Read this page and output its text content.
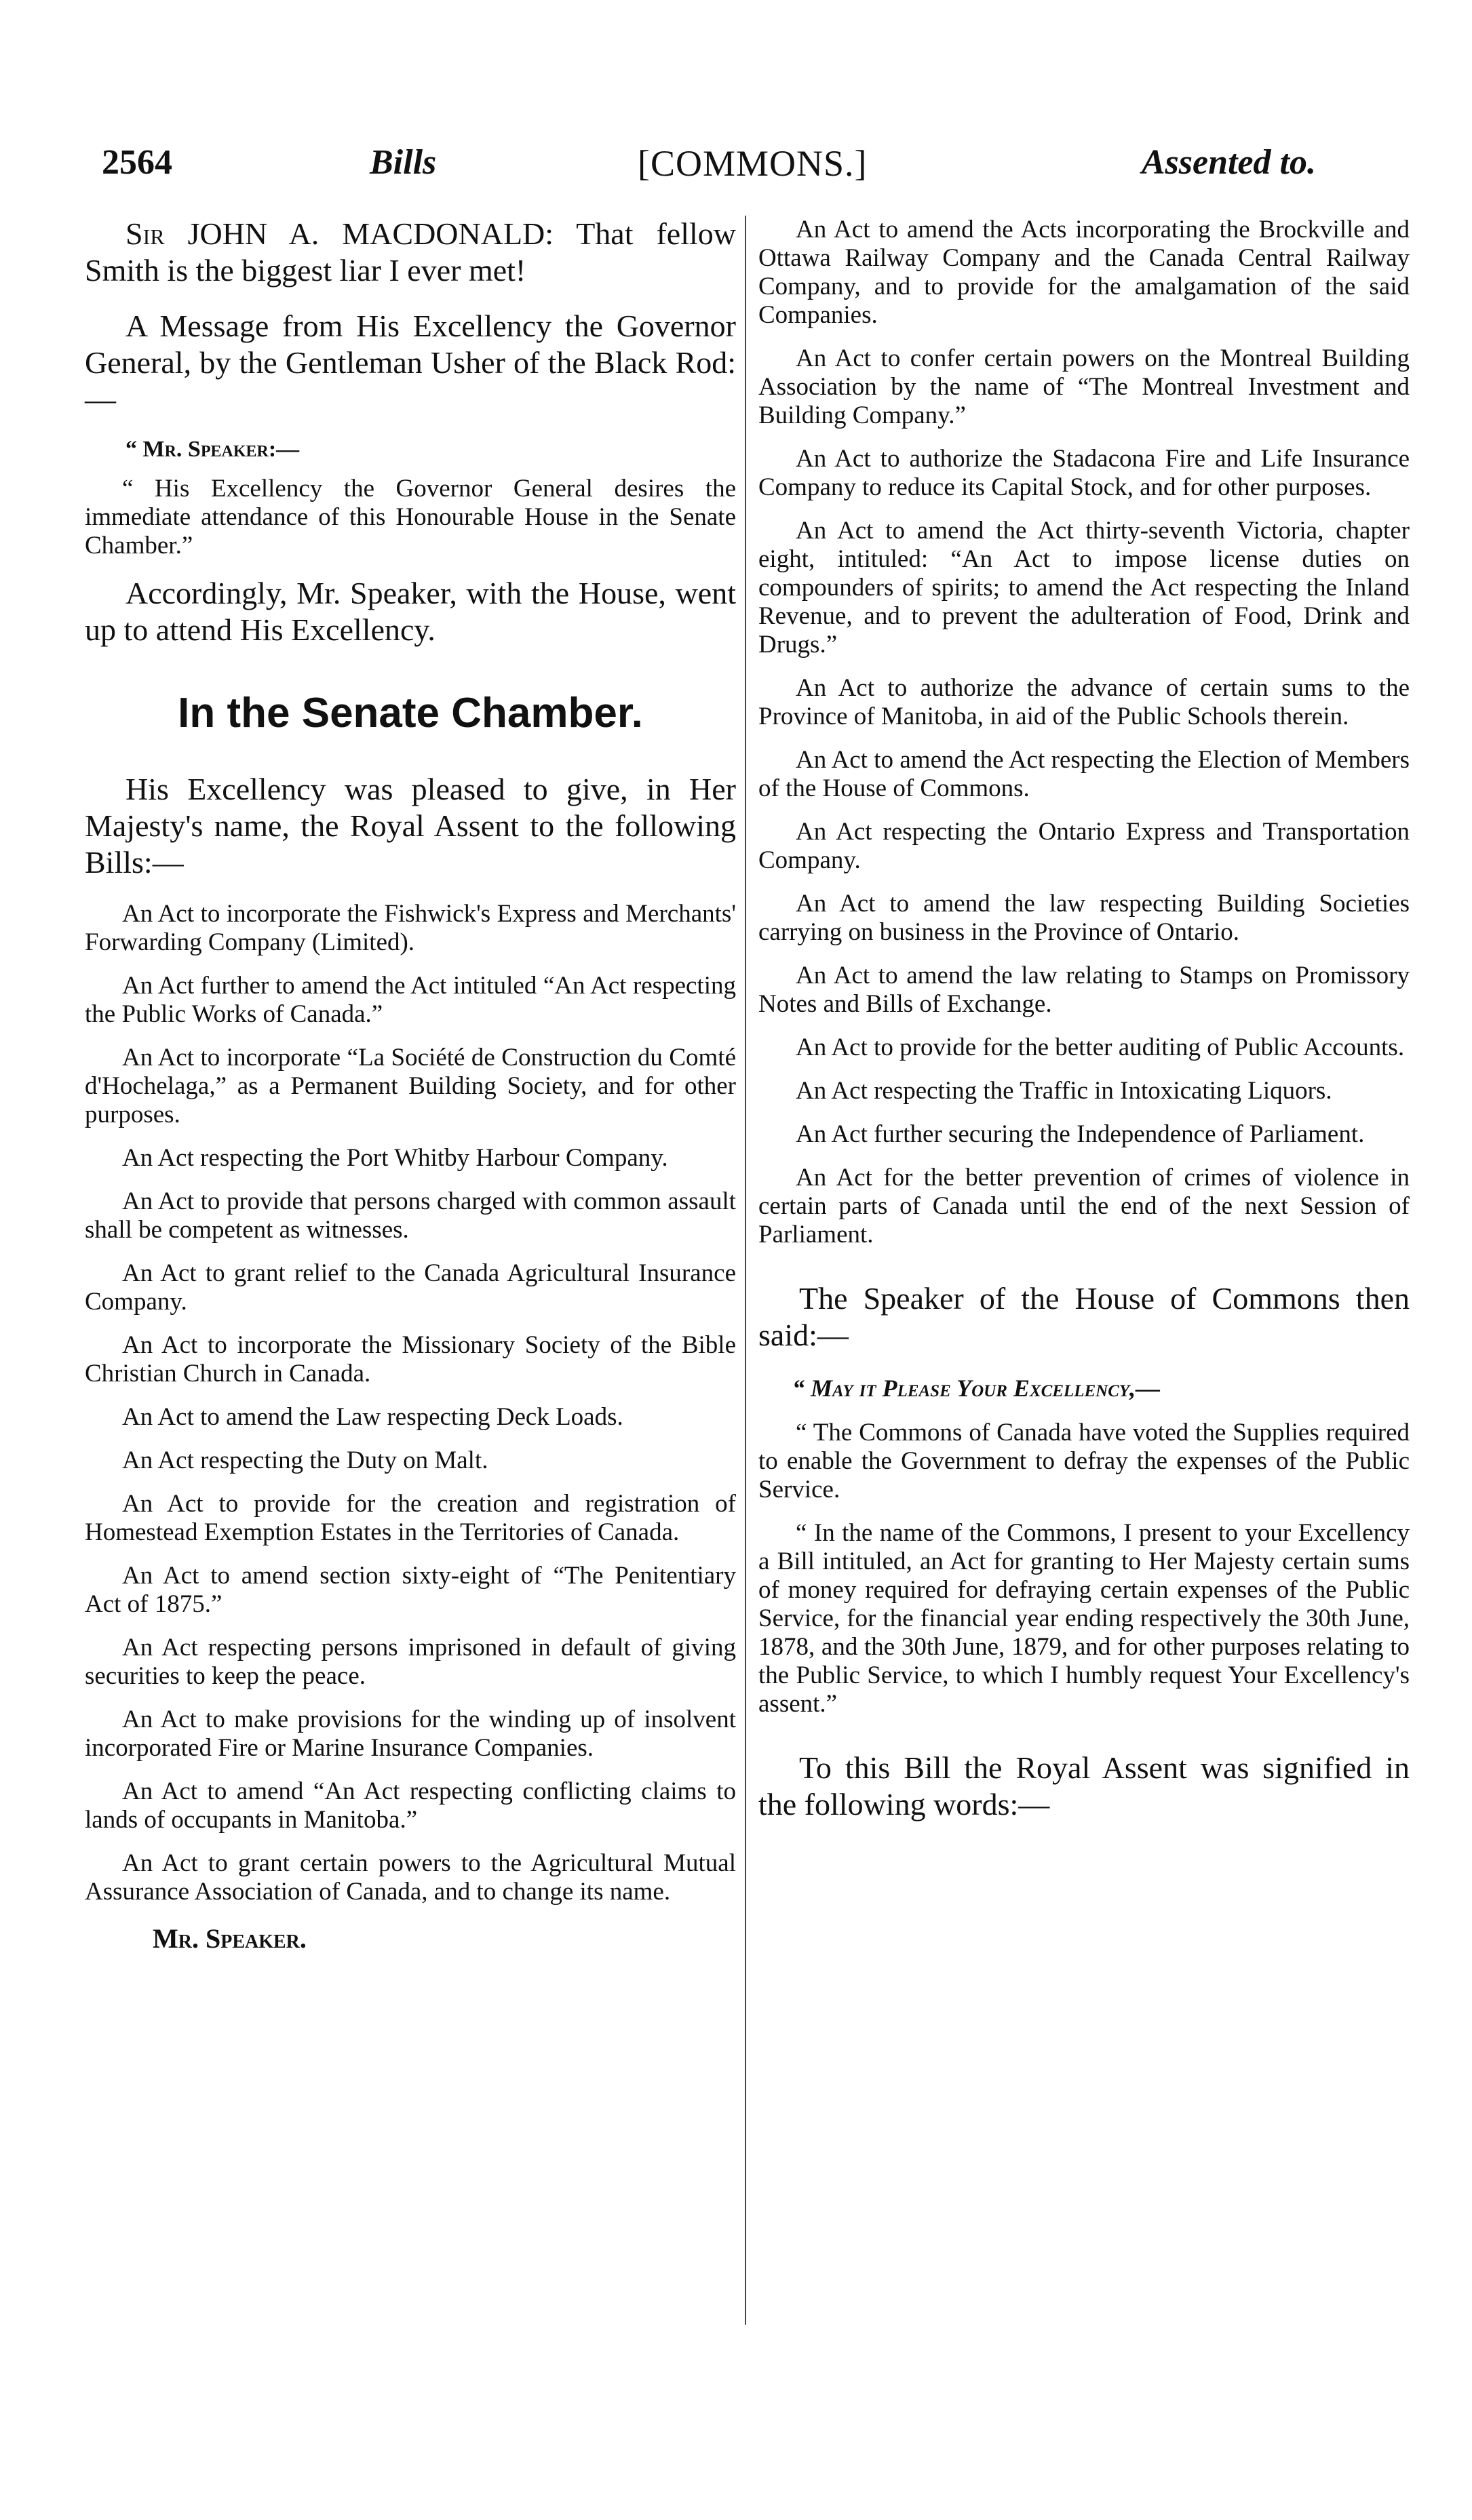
2564	Bills	[COMMONS.]	Assented to.

Sir JOHN A. MACDONALD: That fellow Smith is the biggest liar I ever met!

A Message from His Excellency the Governor General, by the Gentleman Usher of the Black Rod:—

“ Mr. Speaker:—

“ His Excellency the Governor General desires the immediate attendance of this Honourable House in the Senate Chamber.”

Accordingly, Mr. Speaker, with the House, went up to attend His Excellency.

In the Senate Chamber.

His Excellency was pleased to give, in Her Majesty's name, the Royal Assent to the following Bills:—

An Act to incorporate the Fishwick's Express and Merchants' Forwarding Company (Limited).

An Act further to amend the Act intituled “An Act respecting the Public Works of Canada.”

An Act to incorporate “La Société de Construction du Comté d'Hochelaga,” as a Permanent Building Society, and for other purposes.

An Act respecting the Port Whitby Harbour Company.

An Act to provide that persons charged with common assault shall be competent as witnesses.

An Act to grant relief to the Canada Agricultural Insurance Company.

An Act to incorporate the Missionary Society of the Bible Christian Church in Canada.

An Act to amend the Law respecting Deck Loads.

An Act respecting the Duty on Malt.

An Act to provide for the creation and registration of Homestead Exemption Estates in the Territories of Canada.

An Act to amend section sixty-eight of “The Penitentiary Act of 1875.”

An Act respecting persons imprisoned in default of giving securities to keep the peace.

An Act to make provisions for the winding up of insolvent incorporated Fire or Marine Insurance Companies.

An Act to amend “An Act respecting conflicting claims to lands of occupants in Manitoba.”

An Act to grant certain powers to the Agricultural Mutual Assurance Association of Canada, and to change its name.

Mr. Speaker.

An Act to amend the Acts incorporating the Brockville and Ottawa Railway Company and the Canada Central Railway Company, and to provide for the amalgamation of the said Companies.

An Act to confer certain powers on the Montreal Building Association by the name of “The Montreal Investment and Building Company.”

An Act to authorize the Stadacona Fire and Life Insurance Company to reduce its Capital Stock, and for other purposes.

An Act to amend the Act thirty-seventh Victoria, chapter eight, intituled: “An Act to impose license duties on compounders of spirits; to amend the Act respecting the Inland Revenue, and to prevent the adulteration of Food, Drink and Drugs.”

An Act to authorize the advance of certain sums to the Province of Manitoba, in aid of the Public Schools therein.

An Act to amend the Act respecting the Election of Members of the House of Commons.

An Act respecting the Ontario Express and Transportation Company.

An Act to amend the law respecting Building Societies carrying on business in the Province of Ontario.

An Act to amend the law relating to Stamps on Promissory Notes and Bills of Exchange.

An Act to provide for the better auditing of Public Accounts.

An Act respecting the Traffic in Intoxicating Liquors.

An Act further securing the Independence of Parliament.

An Act for the better prevention of crimes of violence in certain parts of Canada until the end of the next Session of Parliament.

The Speaker of the House of Commons then said:—

“ May it Please Your Excellency,—

“ The Commons of Canada have voted the Supplies required to enable the Government to defray the expenses of the Public Service.

“ In the name of the Commons, I present to your Excellency a Bill intituled, an Act for granting to Her Majesty certain sums of money required for defraying certain expenses of the Public Service, for the financial year ending respectively the 30th June, 1878, and the 30th June, 1879, and for other purposes relating to the Public Service, to which I humbly request Your Excellency's assent.”

To this Bill the Royal Assent was signified in the following words:—
